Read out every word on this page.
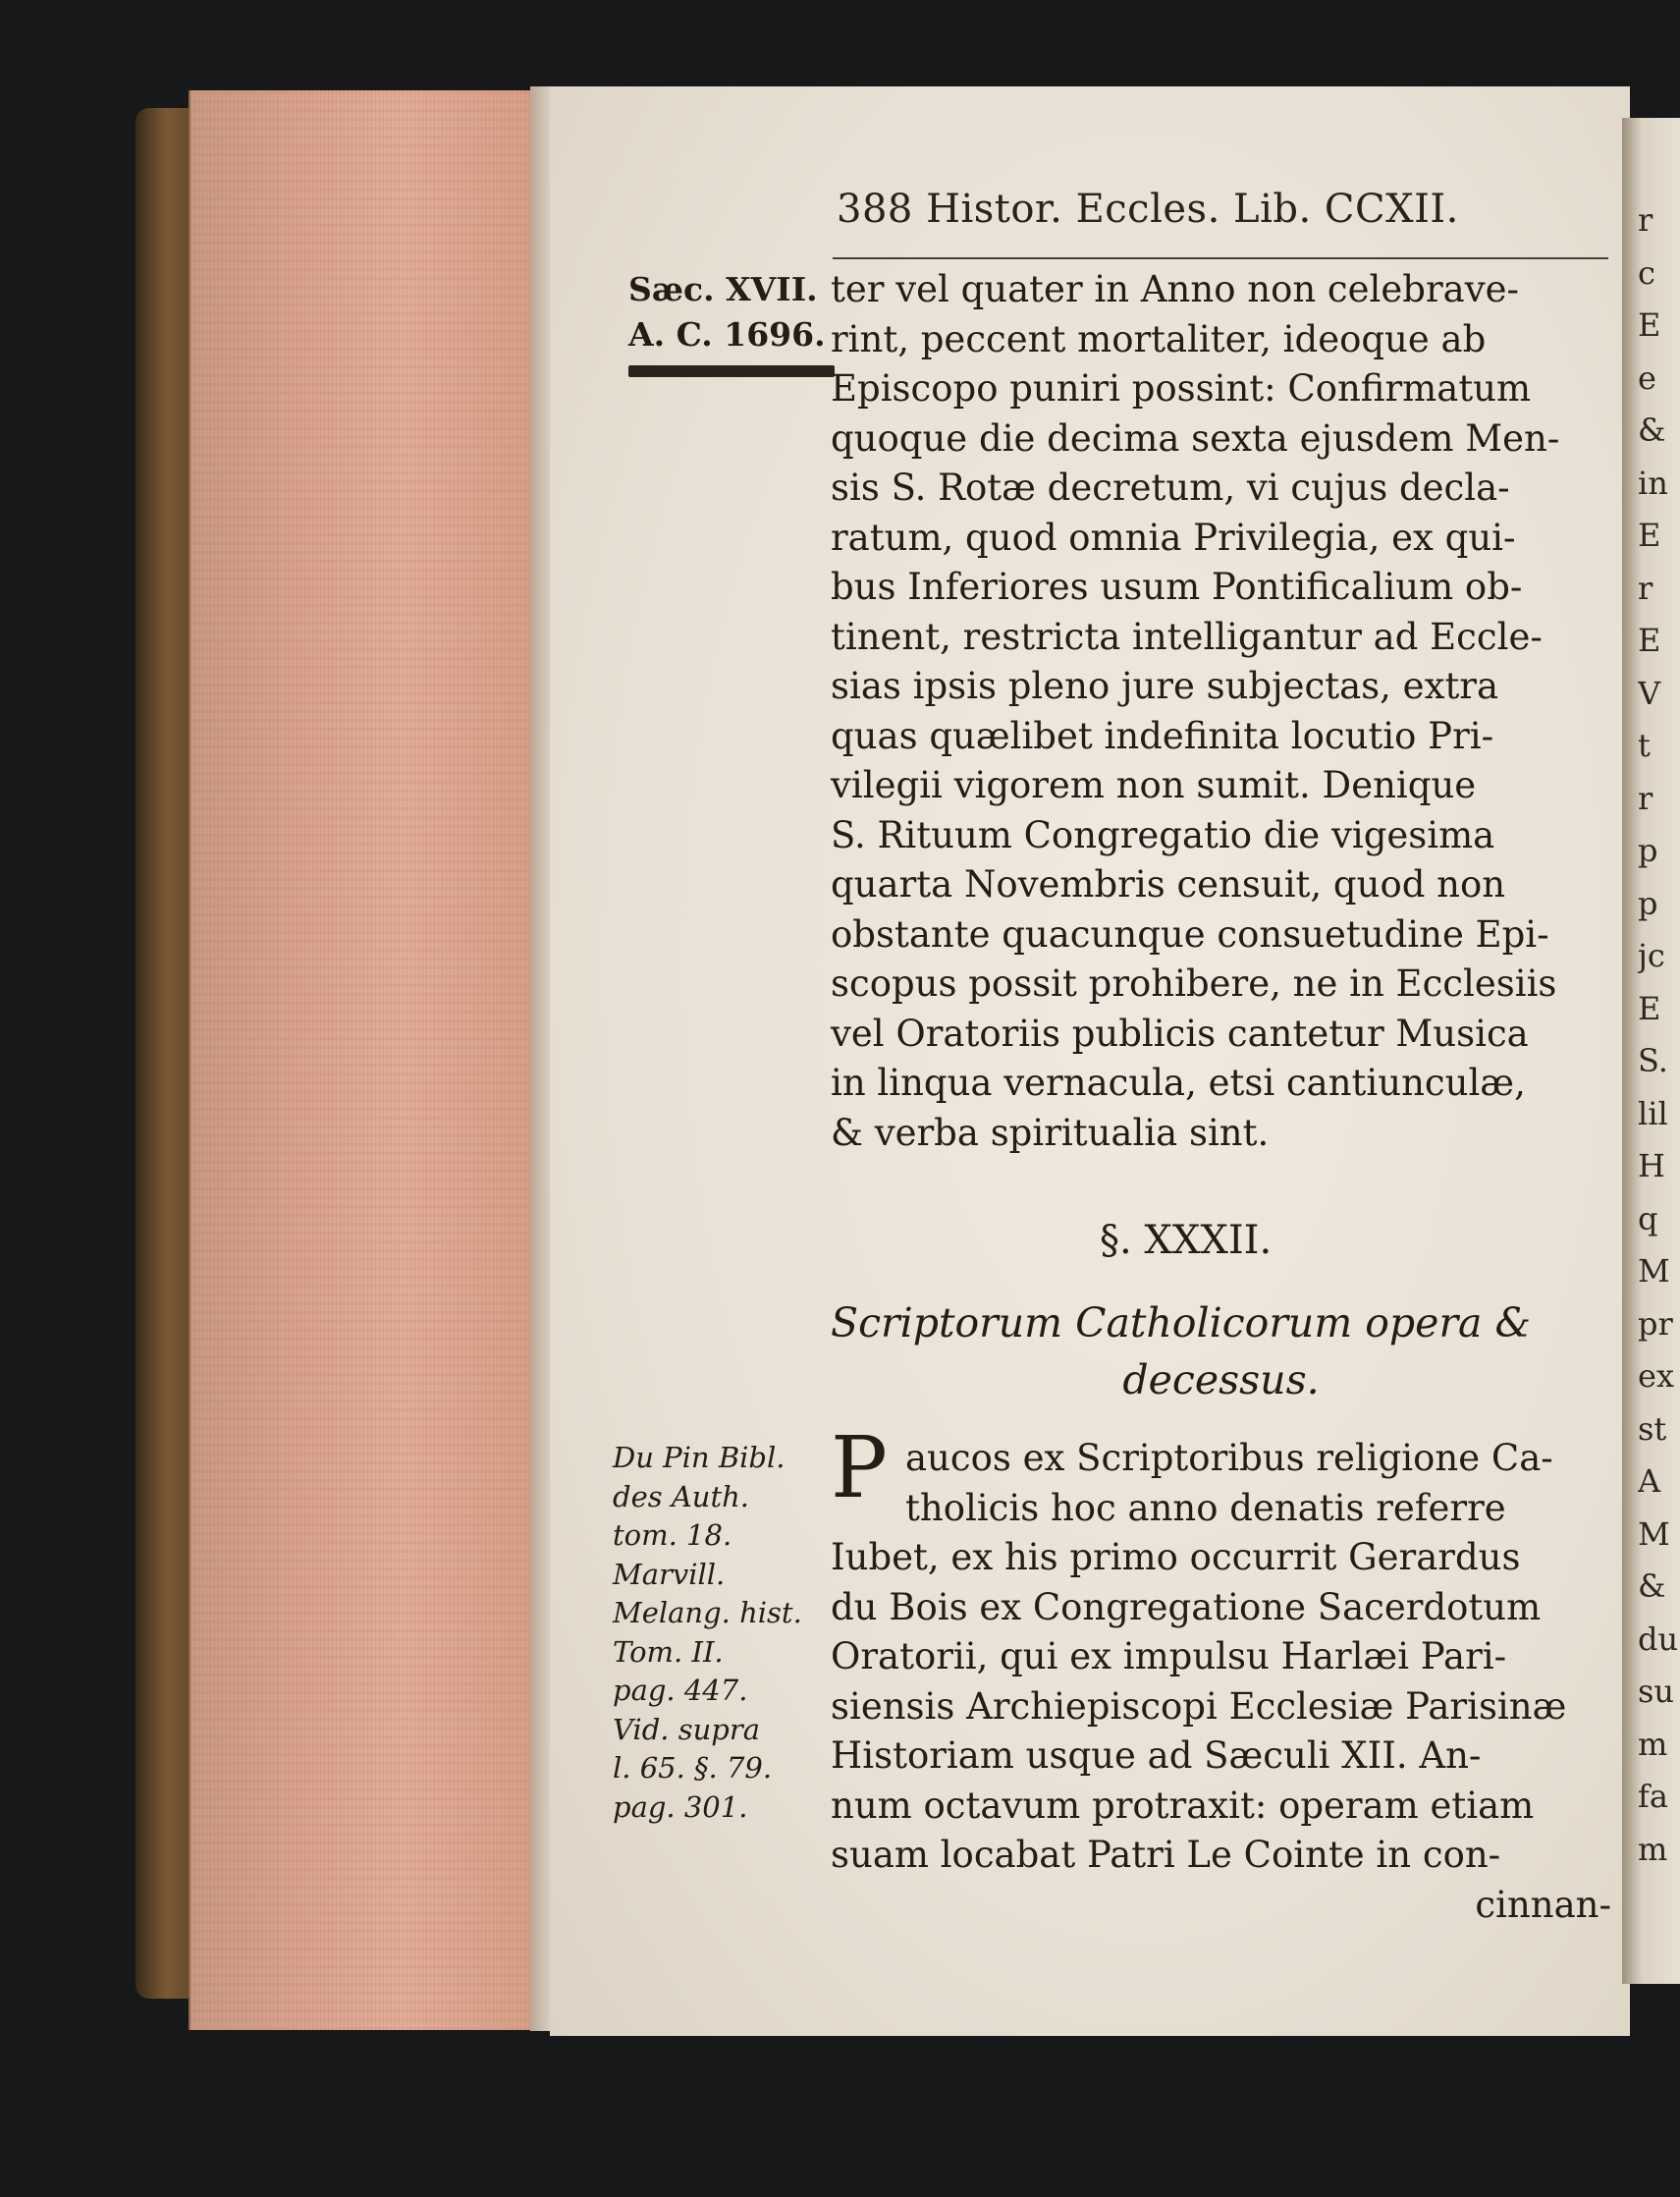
388 Histor. Eccles. Lib. CCXII.
Sæc. XVII.
A. C. 1696.
ter vel quater in Anno non celebrave-
rint, peccent mortaliter, ideoque ab
Episcopo puniri possint: Confirmatum
quoque die decima sexta ejusdem Men-
sis S. Rotæ decretum, vi cujus decla-
ratum, quod omnia Privilegia, ex qui-
bus Inferiores usum Pontificalium ob-
tinent, restricta intelligantur ad Eccle-
sias ipsis pleno jure subjectas, extra
quas quælibet indefinita locutio Pri-
vilegii vigorem non sumit. Denique
S. Rituum Congregatio die vigesima
quarta Novembris censuit, quod non
obstante quacunque consuetudine Epi-
scopus possit prohibere, ne in Ecclesiis
vel Oratoriis publicis cantetur Musica
in linqua vernacula, etsi cantiunculæ,
& verba spiritualia sint.
§. XXXII.
Scriptorum Catholicorum opera &
decessus.
Du Pin Bibl.
des Auth.
tom. 18.
Marvill.
Melang. hist.
Tom. II.
pag. 447.
Vid. supra
l. 65. §. 79.
pag. 301.
P aucos ex Scriptoribus religione Ca-
tholicis hoc anno denatis referre
Iubet, ex his primo occurrit Gerardus
du Bois ex Congregatione Sacerdotum
Oratorii, qui ex impulsu Harlæi Pari-
siensis Archiepiscopi Ecclesiæ Parisinæ
Historiam usque ad Sæculi XII. An-
num octavum protraxit: operam etiam
suam locabat Patri Le Cointe in con-
cinnan-
r
c
E
e
&
in
E
r
E
V
t
r
p
p
jc
E
S.
lil
H
q
M
pr
ex
st
A
M
&
du
su
m
fa
m
